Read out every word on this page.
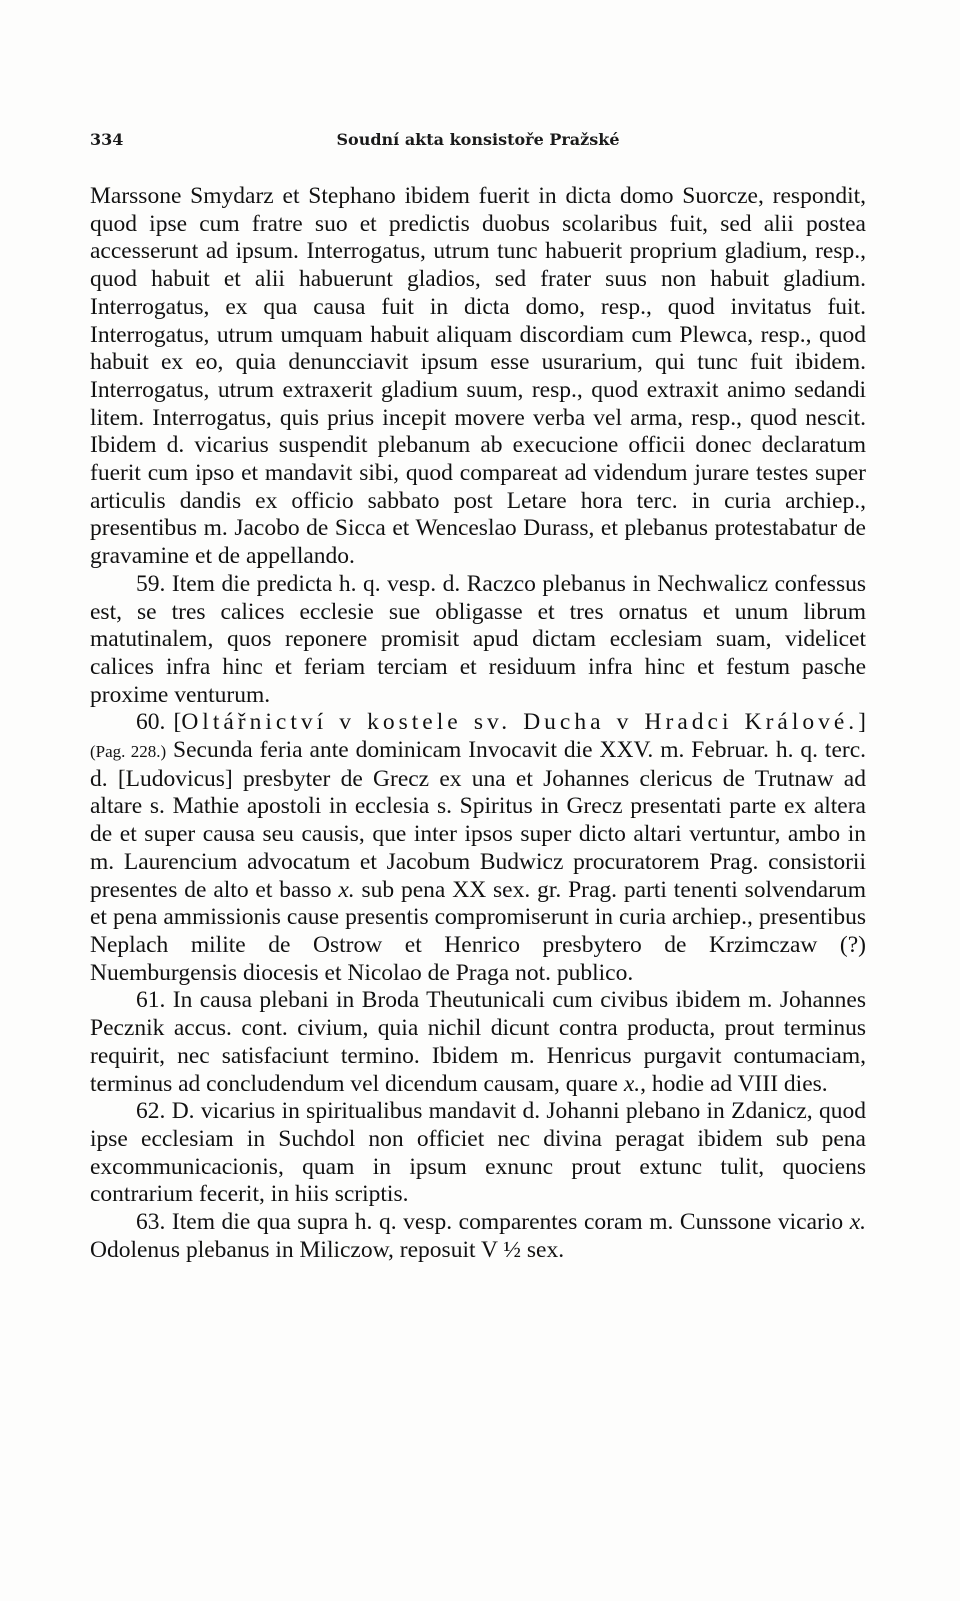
334	Soudní akta konsistoře Pražské

Marssone Smydarz et Stephano ibidem fuerit in dicta domo Suorcze, respondit, quod ipse cum fratre suo et predictis duobus scolaribus fuit, sed alii postea accesserunt ad ipsum. Interrogatus, utrum tunc habuerit proprium gladium, resp., quod habuit et alii habuerunt gladios, sed frater suus non habuit gladium. Interrogatus, ex qua causa fuit in dicta domo, resp., quod invitatus fuit. Interrogatus, utrum umquam habuit aliquam discordiam cum Plewca, resp., quod habuit ex eo, quia denuncciavit ipsum esse usurarium, qui tunc fuit ibidem. Interrogatus, utrum extraxerit gladium suum, resp., quod extraxit animo sedandi litem. Interrogatus, quis prius incepit movere verba vel arma, resp., quod nescit. Ibidem d. vicarius suspendit plebanum ab execucione officii donec declaratum fuerit cum ipso et mandavit sibi, quod compareat ad videndum jurare testes super articulis dandis ex officio sabbato post Letare hora terc. in curia archiep., presentibus m. Jacobo de Sicca et Wenceslao Durass, et plebanus protestabatur de gravamine et de appellando.

59. Item die predicta h. q. vesp. d. Raczco plebanus in Nechwalicz confessus est, se tres calices ecclesie sue obligasse et tres ornatus et unum librum matutinalem, quos reponere promisit apud dictam ecclesiam suam, videlicet calices infra hinc et feriam terciam et residuum infra hinc et festum pasche proxime venturum.

60. [Oltářnictví v kostele sv. Ducha v Hradci Králové.] (Pag. 228.) Secunda feria ante dominicam Invocavit die XXV. m. Februar. h. q. terc. d. [Ludovicus] presbyter de Grecz ex una et Johannes clericus de Trutnaw ad altare s. Mathie apostoli in ecclesia s. Spiritus in Grecz presentati parte ex altera de et super causa seu causis, que inter ipsos super dicto altari vertuntur, ambo in m. Laurencium advocatum et Jacobum Budwicz procuratorem Prag. consistorii presentes de alto et basso x. sub pena XX sex. gr. Prag. parti tenenti solvendarum et pena ammissionis cause presentis compromiserunt in curia archiep., presentibus Neplach milite de Ostrow et Henrico presbytero de Krzimczaw (?) Nuemburgensis diocesis et Nicolao de Praga not. publico.

61. In causa plebani in Broda Theutunicali cum civibus ibidem m. Johannes Pecznik accus. cont. civium, quia nichil dicunt contra producta, prout terminus requirit, nec satisfaciunt termino. Ibidem m. Henricus purgavit contumaciam, terminus ad concludendum vel dicendum causam, quare x., hodie ad VIII dies.

62. D. vicarius in spiritualibus mandavit d. Johanni plebano in Zdanicz, quod ipse ecclesiam in Suchdol non officiet nec divina peragat ibidem sub pena excommunicacionis, quam in ipsum exnunc prout extunc tulit, quociens contrarium fecerit, in hiis scriptis.

63. Item die qua supra h. q. vesp. comparentes coram m. Cunssone vicario x. Odolenus plebanus in Miliczow, reposuit V ½ sex.
